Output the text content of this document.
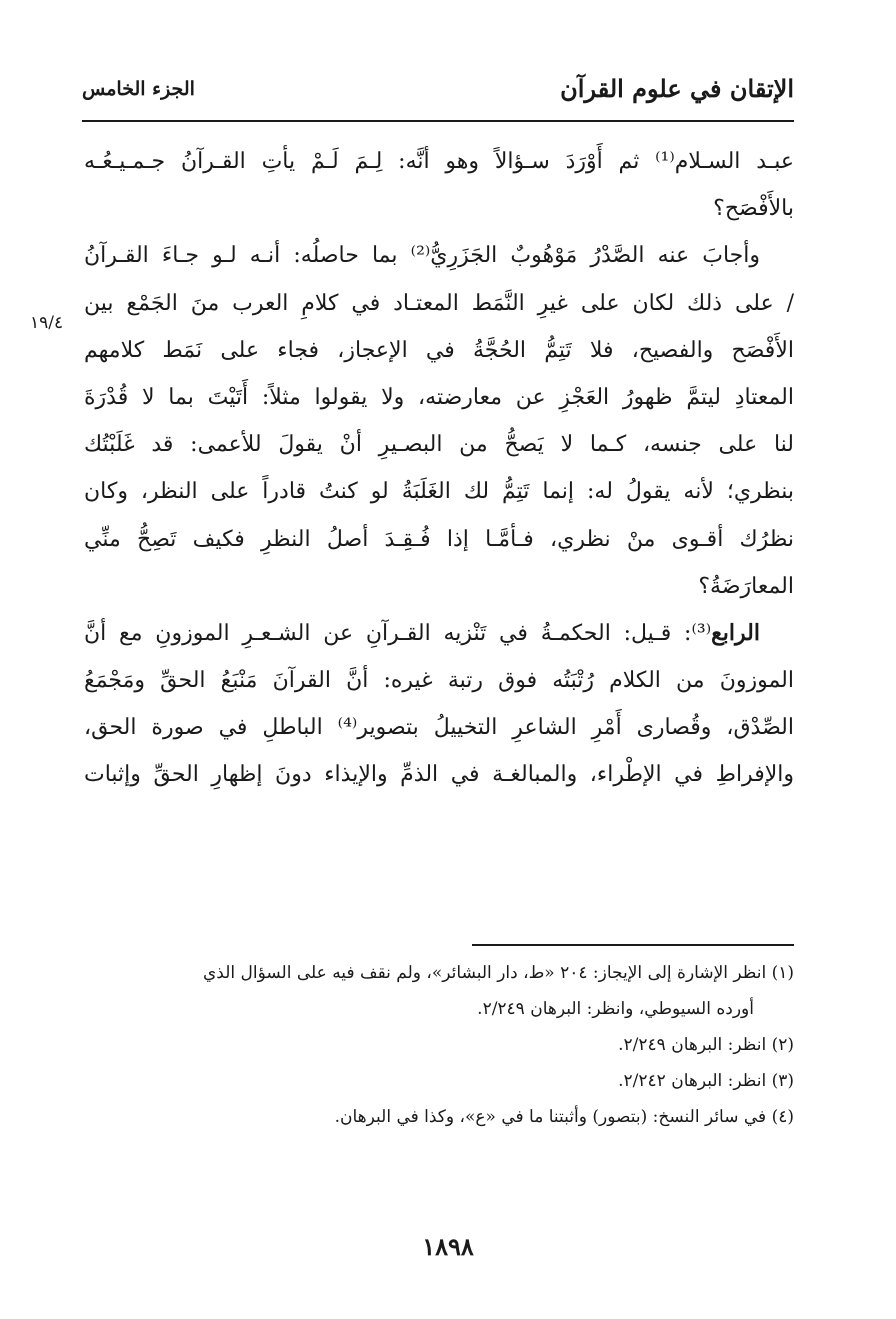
الإتقان في علوم القرآن
الجزء الخامس
١٩/٤
عبـد السـلام⁽¹⁾ ثم أَوْرَدَ سـؤالاً وهو أنَّه: لِـمَ لَـمْ يأتِ القـرآنُ جـمـيـعُـه
بالأَفْصَح؟
وأجابَ عنه الصَّدْرُ مَوْهُوبٌ الجَزَرِيُّ⁽²⁾ بما حاصلُه: أنـه لـو جـاءَ القـرآنُ
/ على ذلك لكان على غيرِ النَّمَط المعتـاد في كلامِ العرب منَ الجَمْع بين
الأَفْصَح والفصيح، فلا تَتِمُّ الحُجَّةُ في الإعجاز، فجاء على نَمَط كلامهم
المعتادِ ليتمَّ ظهورُ العَجْزِ عن معارضته، ولا يقولوا مثلاً: أَتَيْتَ بما لا قُدْرَةَ
لنا على جنسه، كـما لا يَصحُّ من البصـيرِ أنْ يقولَ للأعمى: قد غَلَبْتُك
بنظري؛ لأنه يقولُ له: إنما تَتِمُّ لك الغَلَبَةُ لو كنتُ قادراً على النظر، وكان
نظرُك أقـوى منْ نظري، فـأمَّـا إذا فُـقِـدَ أصلُ النظرِ فكيف تَصِحُّ منِّي
المعارَضَةُ؟
الرابع⁽³⁾: قـيل: الحكمـةُ في تَنْزيه القـرآنِ عن الشـعـرِ الموزونِ مع أنَّ
الموزونَ من الكلام رُتْبَتُه فوق رتبة غيره: أنَّ القرآنَ مَنْبَعُ الحقِّ ومَجْمَعُ
الصِّدْق، وقُصارى أَمْرِ الشاعرِ التخييلُ بتصوير⁽⁴⁾ الباطلِ في صورة الحق،
والإفراطِ في الإطْراء، والمبالغـة في الذمِّ والإيذاء دونَ إظهارِ الحقِّ وإثبات
(١) انظر الإشارة إلى الإيجاز: ٢٠٤ «ط، دار البشائر»، ولم نقف فيه على السؤال الذي
أورده السيوطي، وانظر: البرهان ٢/٢٤٩.
(٢) انظر: البرهان ٢/٢٤٩.
(٣) انظر: البرهان ٢/٢٤٢.
(٤) في سائر النسخ: (بتصور) وأثبتنا ما في «ع»، وكذا في البرهان.
١٨٩٨
